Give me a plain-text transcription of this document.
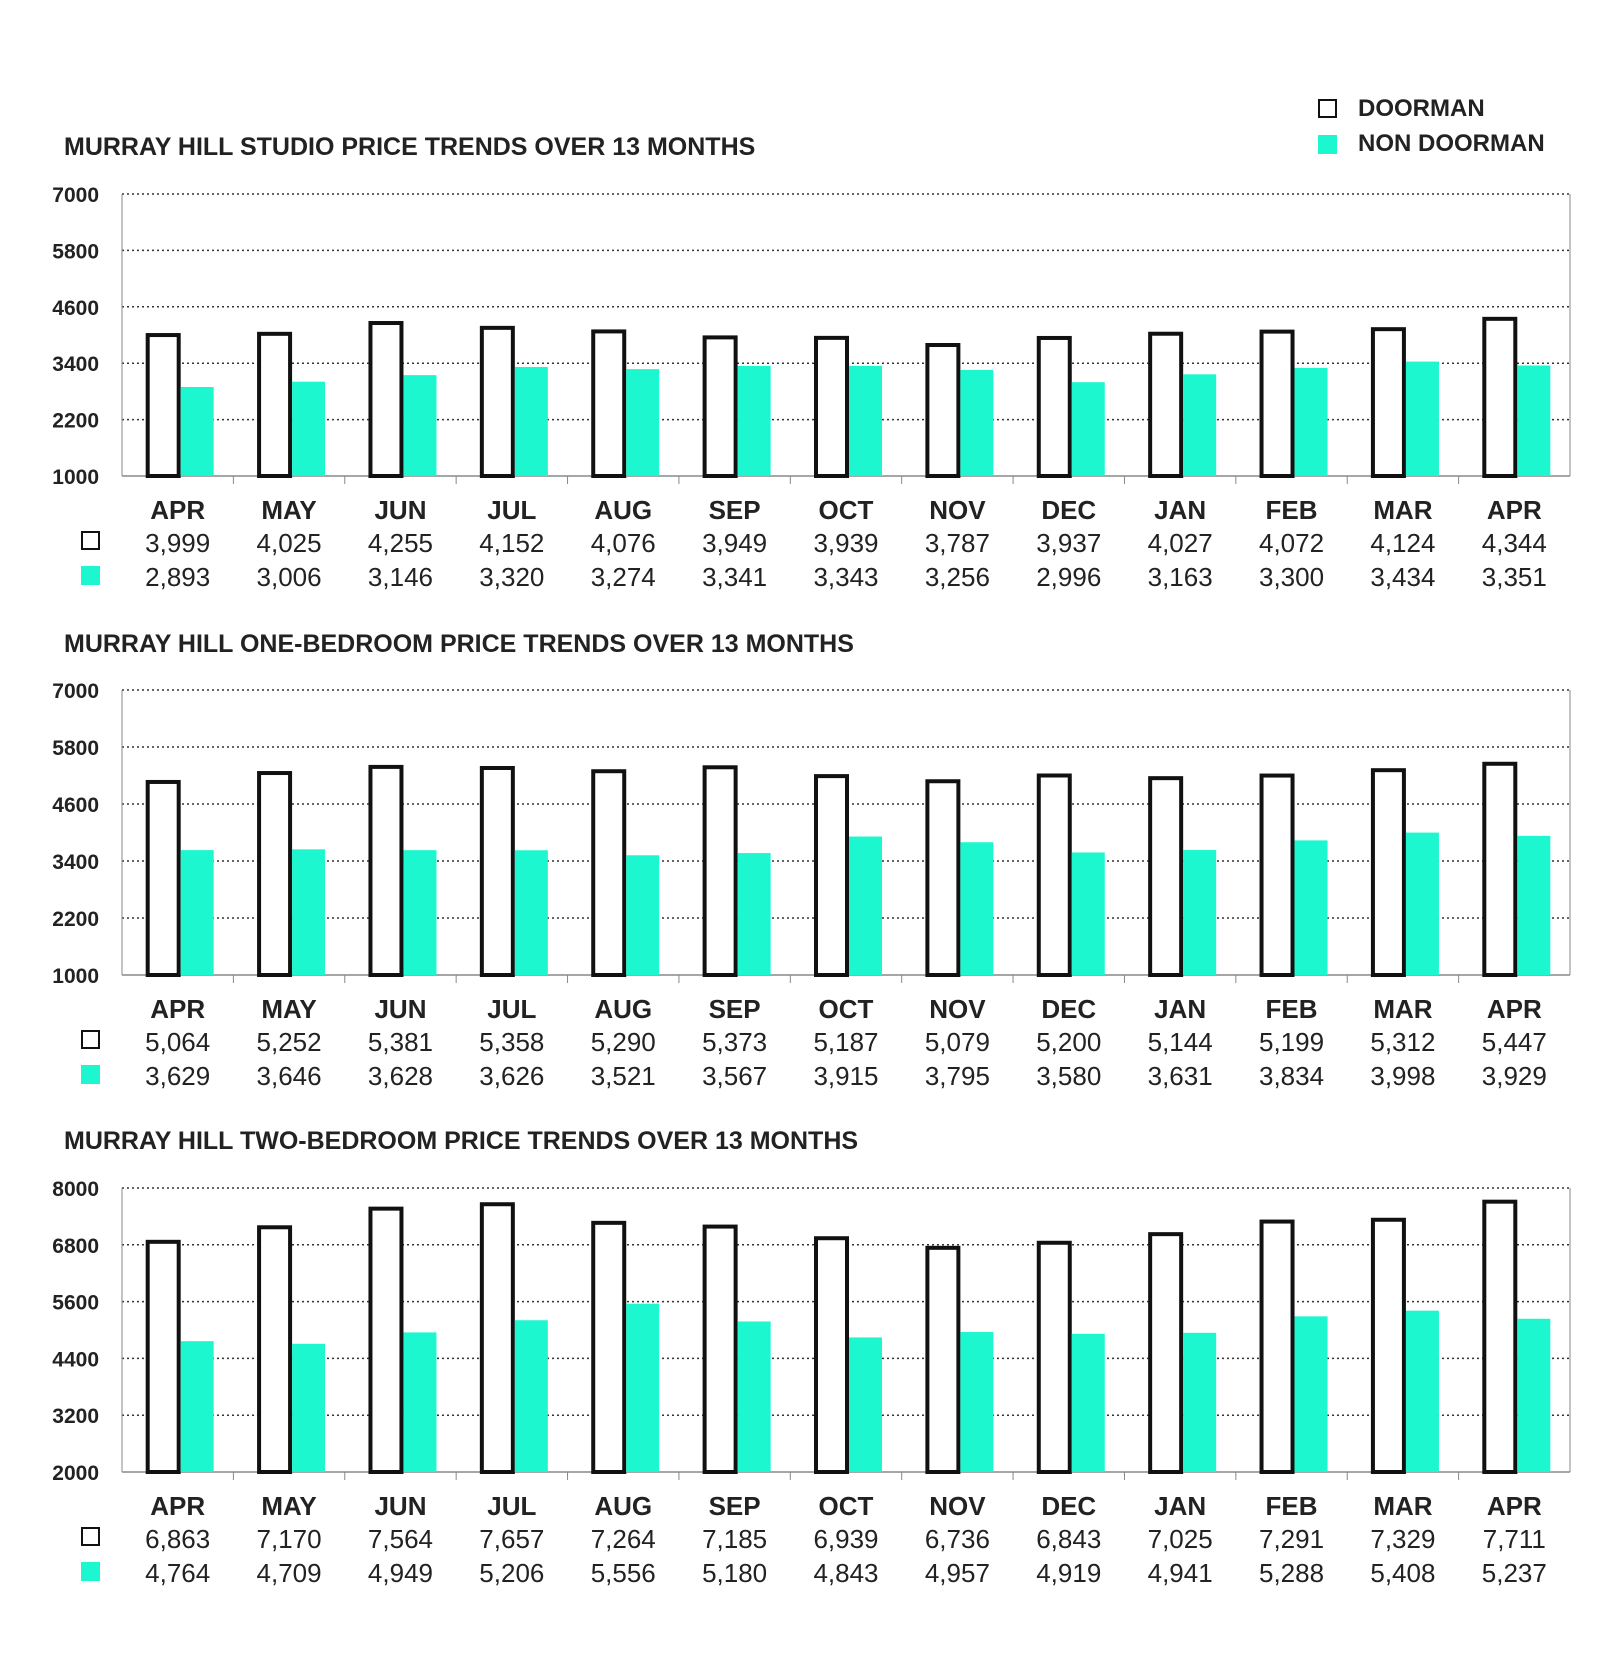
DOORMAN
NON DOORMAN
MURRAY HILL STUDIO PRICE TRENDS OVER 13 MONTHS
7000
5800
4600
3400
2200
1000
APR
3,999
2,893
MAY
4,025
3,006
JUN
4,255
3,146
JUL
4,152
3,320
AUG
4,076
3,274
SEP
3,949
3,341
OCT
3,939
3,343
NOV
3,787
3,256
DEC
3,937
2,996
JAN
4,027
3,163
FEB
4,072
3,300
MAR
4,124
3,434
APR
4,344
3,351
MURRAY HILL ONE-BEDROOM PRICE TRENDS OVER 13 MONTHS
7000
5800
4600
3400
2200
1000
APR
5,064
3,629
MAY
5,252
3,646
JUN
5,381
3,628
JUL
5,358
3,626
AUG
5,290
3,521
SEP
5,373
3,567
OCT
5,187
3,915
NOV
5,079
3,795
DEC
5,200
3,580
JAN
5,144
3,631
FEB
5,199
3,834
MAR
5,312
3,998
APR
5,447
3,929
MURRAY HILL TWO-BEDROOM PRICE TRENDS OVER 13 MONTHS
8000
6800
5600
4400
3200
2000
APR
6,863
4,764
MAY
7,170
4,709
JUN
7,564
4,949
JUL
7,657
5,206
AUG
7,264
5,556
SEP
7,185
5,180
OCT
6,939
4,843
NOV
6,736
4,957
DEC
6,843
4,919
JAN
7,025
4,941
FEB
7,291
5,288
MAR
7,329
5,408
APR
7,711
5,237
